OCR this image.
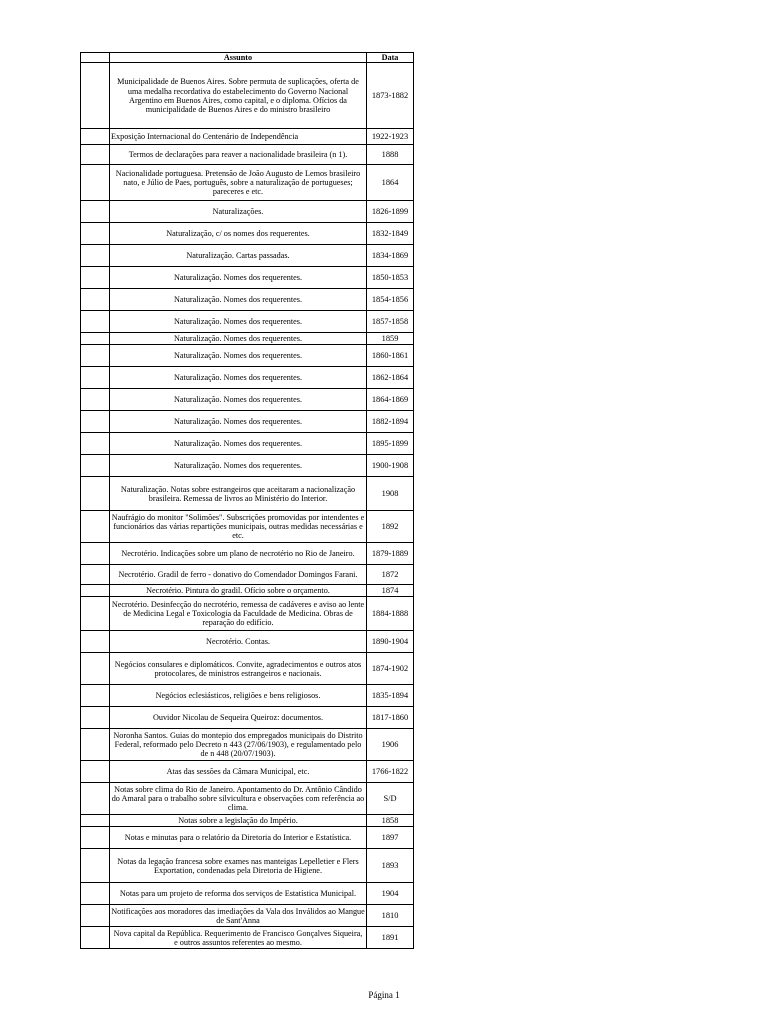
	Assunto	Data
	Municipalidade de Buenos Aires. Sobre permuta de suplicações, oferta de uma medalha recordativa do estabelecimento do Governo Nacional Argentino em Buenos Aires, como capital, e o diploma. Ofícios da municipalidade de Buenos Aires e do ministro brasileiro	1873-1882
	Exposição Internacional do Centenário de Independência	1922-1923
	Termos de declarações para reaver a nacionalidade brasileira (n 1).	1888
	Nacionalidade portuguesa. Pretensão de João Augusto de Lemos brasileiro nato, e Júlio de Paes, português, sobre a naturalização de portugueses; pareceres e etc.	1864
	Naturalizações.	1826-1899
	Naturalização, c/ os nomes dos requerentes.	1832-1849
	Naturalização. Cartas passadas.	1834-1869
	Naturalização. Nomes dos requerentes.	1850-1853
	Naturalização. Nomes dos requerentes.	1854-1856
	Naturalização. Nomes dos requerentes.	1857-1858
	Naturalização. Nomes dos requerentes.	1859
	Naturalização. Nomes dos requerentes.	1860-1861
	Naturalização. Nomes dos requerentes.	1862-1864
	Naturalização. Nomes dos requerentes.	1864-1869
	Naturalização. Nomes dos requerentes.	1882-1894
	Naturalização. Nomes dos requerentes.	1895-1899
	Naturalização. Nomes dos requerentes.	1900-1908
	Naturalização. Notas sobre estrangeiros que aceitaram a nacionalização brasileira. Remessa de livros ao Ministério do Interior.	1908
	Naufrágio do monitor "Solimões". Subscrições promovidas por intendentes e funcionários das várias repartições municipais, outras medidas necessárias e etc.	1892
	Necrotério. Indicações sobre um plano de necrotério no Rio de Janeiro.	1879-1889
	Necrotério. Gradil de ferro - donativo do Comendador Domingos Farani.	1872
	Necrotério. Pintura do gradil. Ofício sobre o orçamento.	1874
	Necrotério. Desinfecção do necrotério, remessa de cadáveres e aviso ao lente de Medicina Legal e Toxicologia da Faculdade de Medicina. Obras de reparação do edifício.	1884-1888
	Necrotério. Contas.	1890-1904
	Negócios consulares e diplomáticos. Convite, agradecimentos e outros atos protocolares, de ministros estrangeiros e nacionais.	1874-1902
	Negócios eclesiásticos, religiões e bens religiosos.	1835-1894
	Ouvidor Nicolau de Sequeira Queiroz: documentos.	1817-1860
	Noronha Santos. Guias do montepio dos empregados municipais do Distrito Federal, reformado pelo Decreto n 443 (27/06/1903), e regulamentado pelo de n 448 (20/07/1903).	1906
	Atas das sessões da Câmara Municipal, etc.	1766-1822
	Notas sobre clima do Rio de Janeiro. Apontamento do Dr. Antônio Cândido do Amaral para o trabalho sobre silvicultura e observações com referência ao clima.	S/D
	Notas sobre a legislação do Império.	1858
	Notas e minutas para o relatório da Diretoria do Interior e Estatística.	1897
	Notas da legação francesa sobre exames nas manteigas Lepelletier e Flers Exportation, condenadas pela Diretoria de Higiene.	1893
	Notas para um projeto de reforma dos serviços de Estatística Municipal.	1904
	Notificações aos moradores das imediações da Vala dos Inválidos ao Mangue de Sant'Anna	1810
	Nova capital da República. Requerimento de Francisco Gonçalves Siqueira, e outros assuntos referentes ao mesmo.	1891
Página 1
